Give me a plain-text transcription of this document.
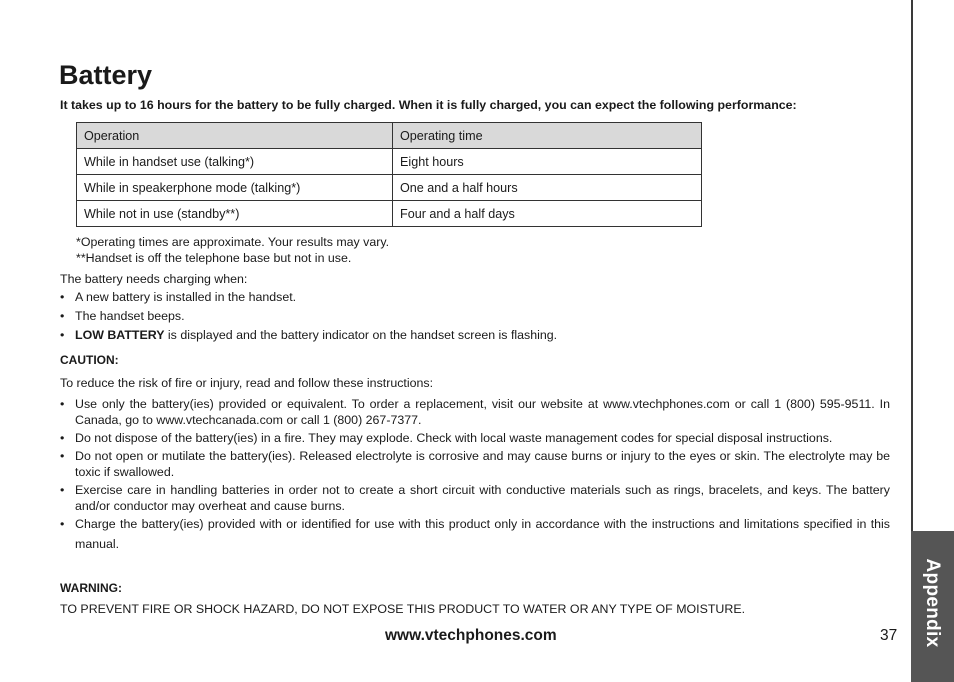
Appendix
Battery

It takes up to 16 hours for the battery to be fully charged. When it is fully charged, you can expect the following performance:

Operation	Operating time
While in handset use (talking*)	Eight hours
While in speakerphone mode (talking*)	One and a half hours
While not in use (standby**)	Four and a half days
*Operating times are approximate. Your results may vary.
**Handset is off the telephone base but not in use.

The battery needs charging when:

• A new battery is installed in the handset.
• The handset beeps.
• LOW BATTERY is displayed and the battery indicator on the handset screen is flashing.

CAUTION:

To reduce the risk of fire or injury, read and follow these instructions:

• Use only the battery(ies) provided or equivalent. To order a replacement, visit our website at www.vtechphones.com or call 1 (800) 595-9511. In Canada, go to www.vtechcanada.com or call 1 (800) 267-7377.
• Do not dispose of the battery(ies) in a fire. They may explode. Check with local waste management codes for special disposal instructions.
• Do not open or mutilate the battery(ies). Released electrolyte is corrosive and may cause burns or injury to the eyes or skin. The electrolyte may be toxic if swallowed.
• Exercise care in handling batteries in order not to create a short circuit with conductive materials such as rings, bracelets, and keys. The battery and/or conductor may overheat and cause burns.
• Charge the battery(ies) provided with or identified for use with this product only in accordance with the instructions and limitations specified in this manual.

WARNING:

TO PREVENT FIRE OR SHOCK HAZARD, DO NOT EXPOSE THIS PRODUCT TO WATER OR ANY TYPE OF MOISTURE.

www.vtechphones.com	37
